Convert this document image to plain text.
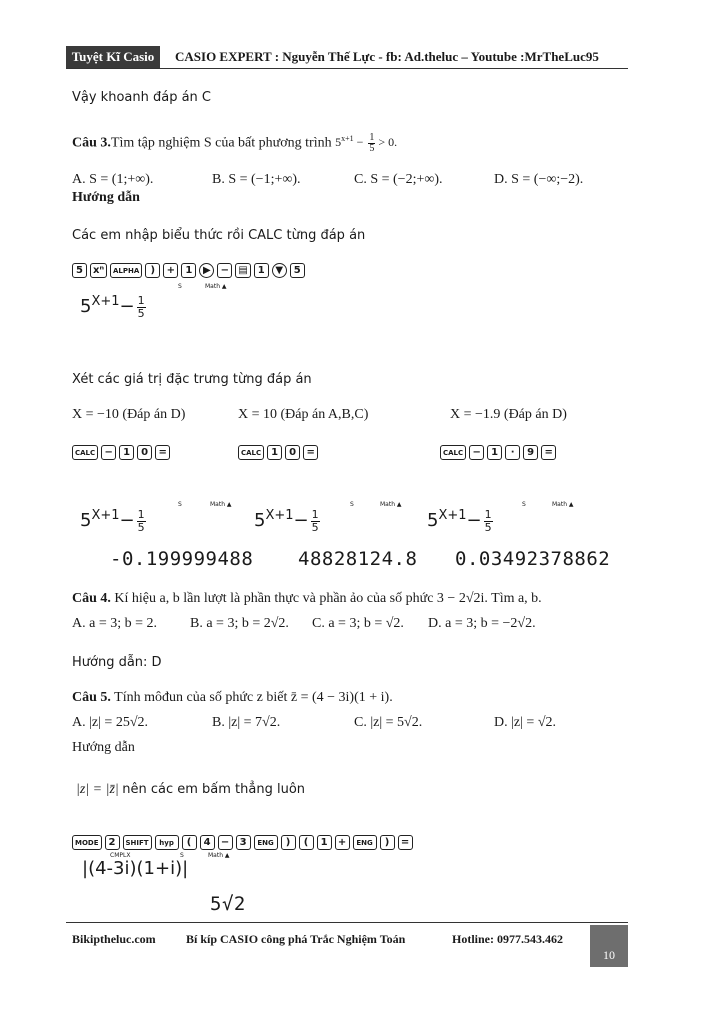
Tuyệt Kĩ Casio	CASIO EXPERT : Nguyễn Thế Lực - fb: Ad.theluc – Youtube :MrTheLuc95
Vậy khoanh đáp án C
Câu 3.Tìm tập nghiệm S của bất phương trình $5^{x+1} - \frac{1}{5} > 0$.
A. S = (1;+∞).	B. S = (−1;+∞).	C. S = (−2;+∞).	D. S = (−∞;−2).
Hướng dẫn
Các em nhập biểu thức rồi CALC từng đáp án
5	xⁿ	ALPHA	)	+	1	▶ − ▤	1	▼	5
S	Math ▲
$5^{X+1}- \frac{1}{5}$
Xét các giá trị đặc trưng từng đáp án
X = −10 (Đáp án D)	X = 10 (Đáp án A,B,C)	X = −1.9 (Đáp án D)
CALC −	1	0	=	CALC	1	0	=	CALC −	1	·	9	=
S	Math ▲	S	Math ▲	S	Math ▲
$5^{X+1}- \frac{1}{5}$	$5^{X+1}- \frac{1}{5}$	$5^{X+1}- \frac{1}{5}$
-0.199999488 48828124.8 0.03492378862
Câu 4. Kí hiệu a, b lần lượt là phần thực và phần ảo của số phức 3 − 2√2i. Tìm a, b.
A. a = 3; b = 2. B. a = 3; b = 2√2. C. a = 3; b = √2. D. a = 3; b = −2√2.
Hướng dẫn: D
Câu 5. Tính môđun của số phức z biết z̄ = (4 − 3i)(1 + i).
A. |z| = 25√2.	B. |z| = 7√2.	C. |z| = 5√2.	D. |z| = √2.
Hướng dẫn
|z| = |z̄| nên các em bấm thẳng luôn
MODE	2	SHIFT	hyp	(	4	−	3	ENG	)	(	1	+	ENG	)	=
CMPLX	S	Math ▲
|(4-3i)(1+i)|
5√2
Bikiptheluc.com	Bí kíp CASIO công phá Trắc Nghiệm Toán	Hotline: 0977.543.462
10
